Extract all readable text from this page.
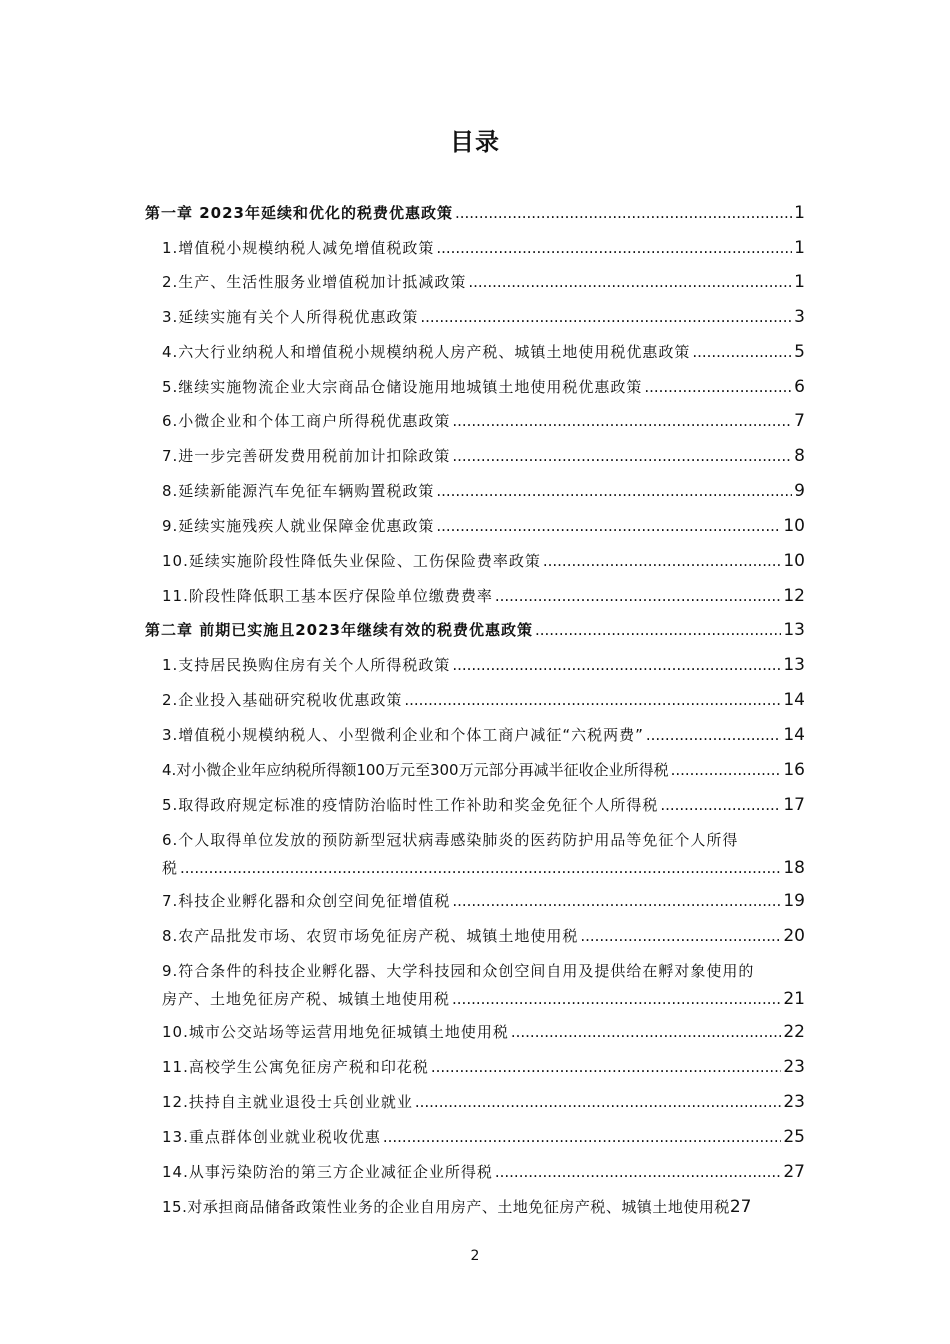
目录
第一章 2023年延续和优化的税费优惠政策 .....	1
1.增值税小规模纳税人减免增值税政策 .....	1
2.生产、生活性服务业增值税加计抵减政策 .....	1
3.延续实施有关个人所得税优惠政策 .....	3
4.六大行业纳税人和增值税小规模纳税人房产税、城镇土地使用税优惠政策 .....	5
5.继续实施物流企业大宗商品仓储设施用地城镇土地使用税优惠政策 .....	6
6.小微企业和个体工商户所得税优惠政策 .....	7
7.进一步完善研发费用税前加计扣除政策 .....	8
8.延续新能源汽车免征车辆购置税政策 .....	9
9.延续实施残疾人就业保障金优惠政策 .....	10
10.延续实施阶段性降低失业保险、工伤保险费率政策 .....	10
11.阶段性降低职工基本医疗保险单位缴费费率 .....	12
第二章 前期已实施且2023年继续有效的税费优惠政策 .....	13
1.支持居民换购住房有关个人所得税政策 .....	13
2.企业投入基础研究税收优惠政策 .....	14
3.增值税小规模纳税人、小型微利企业和个体工商户减征“六税两费” .....	14
4.对小微企业年应纳税所得额100万元至300万元部分再减半征收企业所得税 .....	16
5.取得政府规定标准的疫情防治临时性工作补助和奖金免征个人所得税 .....	17
6.个人取得单位发放的预防新型冠状病毒感染肺炎的医药防护用品等免征个人所得
税 .....	18
7.科技企业孵化器和众创空间免征增值税 .....	19
8.农产品批发市场、农贸市场免征房产税、城镇土地使用税 .....	20
9.符合条件的科技企业孵化器、大学科技园和众创空间自用及提供给在孵对象使用的
房产、土地免征房产税、城镇土地使用税 .....	21
10.城市公交站场等运营用地免征城镇土地使用税 .....	22
11.高校学生公寓免征房产税和印花税 .....	23
12.扶持自主就业退役士兵创业就业 .....	23
13.重点群体创业就业税收优惠 .....	25
14.从事污染防治的第三方企业减征企业所得税 .....	27
15.对承担商品储备政策性业务的企业自用房产、土地免征房产税、城镇土地使用税 27
2
